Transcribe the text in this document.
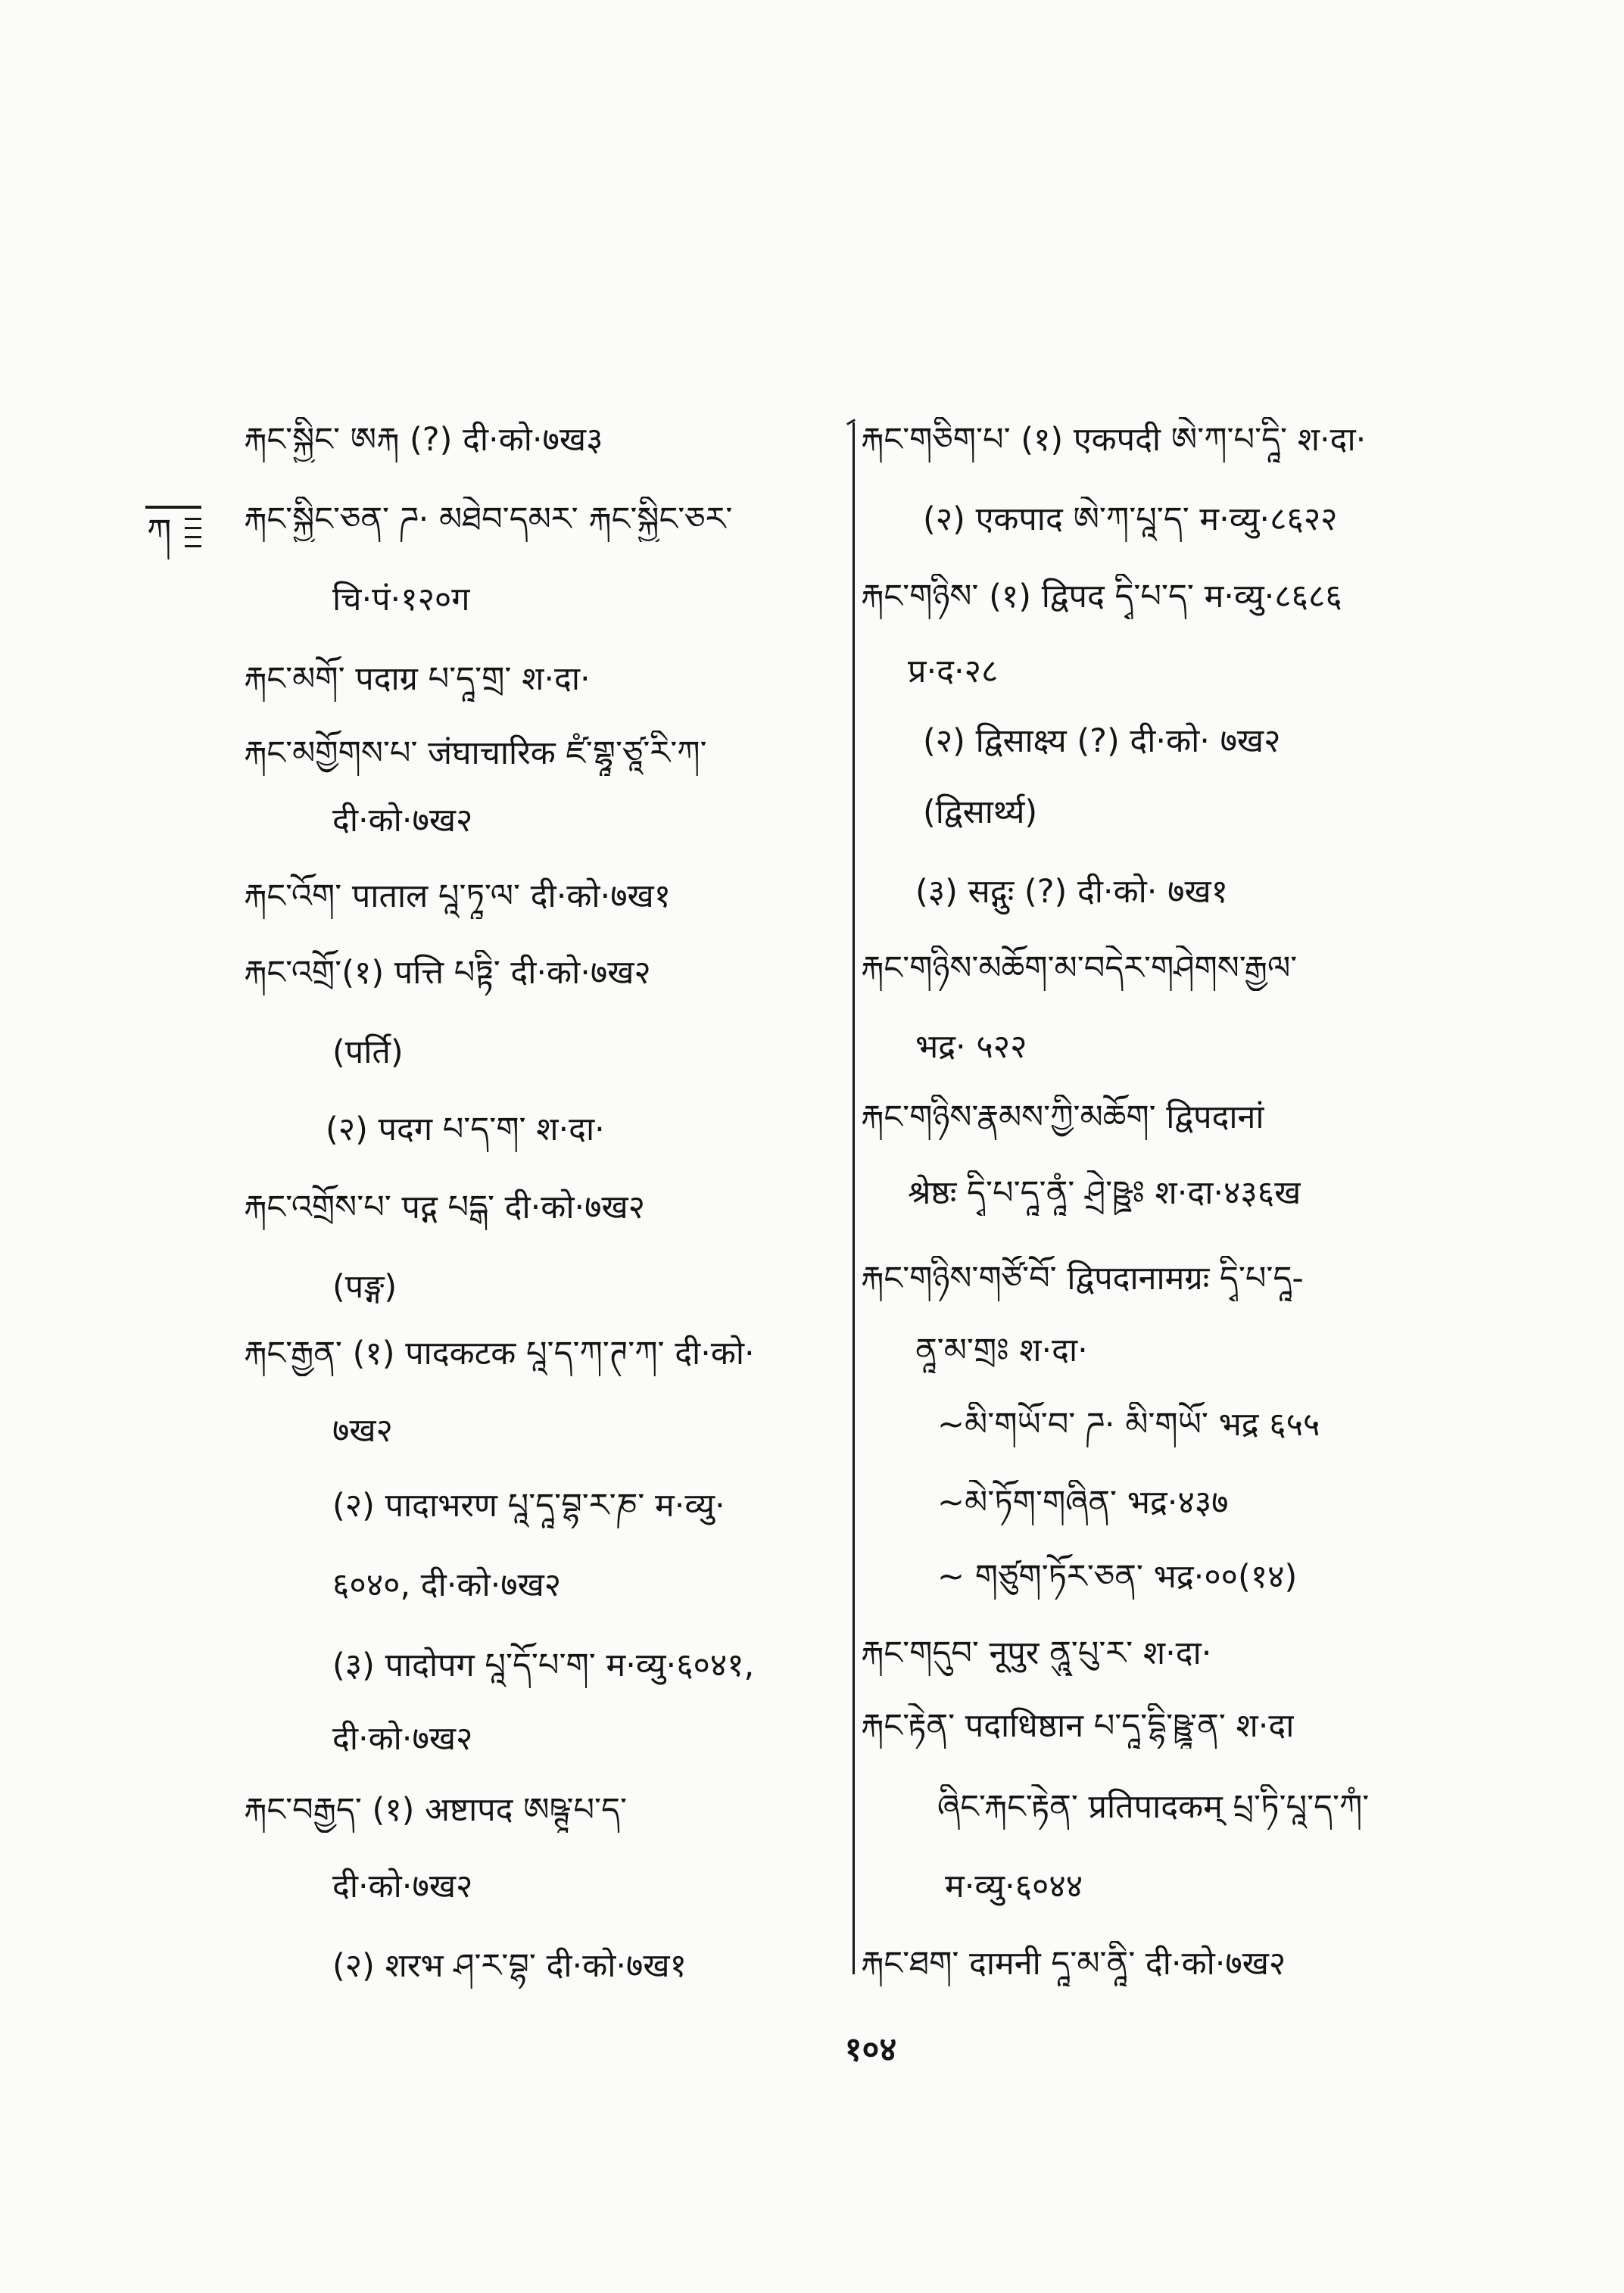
ཀ
རྐང་སྐྱིང་ ཨརྐ (?) दी·को·७ख३
རྐང་སྐྱིང་ཅན་ ཌ· མཐེབ་དམར་ རྐང་སྐྱིང་ཅར་
चि·पं·१२०ग
རྐང་མགོ་ पदाग्र པ་དཱ་གྲ་ श·दा·
རྐང་མགྱོགས་པ་ जंघाचारिक ཛཾ་གྷཱ་ཙཱ་རི་ཀ་
दी·को·७ख२
རྐང་འོག་ पाताल པཱ་ཏཱ་ལ་ दी·को·७ख१
རྐང་འགྲོ་(१) पत्ति པཏྟི་ दी·को·७ख२
(पर्ति)
(२) पदग པ་ད་ག་ श·दा·
རྐང་འགྲོས་པ་ पद्ग པདྒ་ दी·को·७ख२
(पङ्ग)
རྐང་རྒྱན་ (१) पादकटक པཱ་ད་ཀ་ཊ་ཀ་ दी·को·
७ख२
(२) पादाभरण པཱ་དཱ་བྷ་ར་ཎ་ म·व्यु·
६०४०, दी·को·७ख२
(३) पादोपग པཱ་དོ་པ་ག་ म·व्यु·६०४१,
दी·को·७ख२
རྐང་བརྒྱད་ (१) अष्टापद ཨཥྚཱ་པ་ད་
दी·को·७ख२
(२) शरभ ཤ་ར་བྷ་ दी·को·७ख१
རྐང་གཅིག་པ་ (१) एकपदी ཨེ་ཀ་པ་དཱི་ श·दा·
(२) एकपाद ཨེ་ཀ་པཱ་ད་ म·व्यु·८६२२
རྐང་གཉིས་ (१) द्विपद དྭི་པ་ད་ म·व्यु·८६८६
प्र·द·२८
(२) द्विसाक्ष्य (?) दी·को· ७ख२
(द्विसार्थ्य)
(३) सद्गुः (?) दी·को· ७ख१
རྐང་གཉིས་མཆོག་མ་བདེར་གཤེགས་རྒྱལ་
भद्र· ५२२
རྐང་གཉིས་རྣམས་ཀྱི་མཆོག་ द्विपदानां
श्रेष्ठः དྭི་པ་དཱ་ནཱཾ་ ཤྲེ་ཥྛཿ श·दा·४३६ख
རྐང་གཉིས་གཙོ་བོ་ द्विपदानामग्रः དྭི་པ་དཱ-
ནཱ་མ་གྲཿ श·दा·
~མི་གཡོ་བ་ ཌ· མི་གཡོ་ भद्र ६५५
~མེ་ཏོག་གཞིན་ भद्र·४३७
~ གཙུག་ཏོར་ཅན་ भद्र·००(१४)
རྐང་གདུབ་ नूपुर ནཱུ་པུ་ར་ श·दा·
རྐང་རྟེན་ पदाधिष्ठान པ་དཱ་དྷི་ཥྛཱ་ན་ श·दा
ཞིང་རྐང་རྟེན་ प्रतिपादकम् པྲ་ཏི་པཱ་ད་ཀཾ་
म·व्यु·६०४४
རྐང་ཐག་ दामनी དཱ་མ་ནཱི་ दी·को·७ख२
१०४
